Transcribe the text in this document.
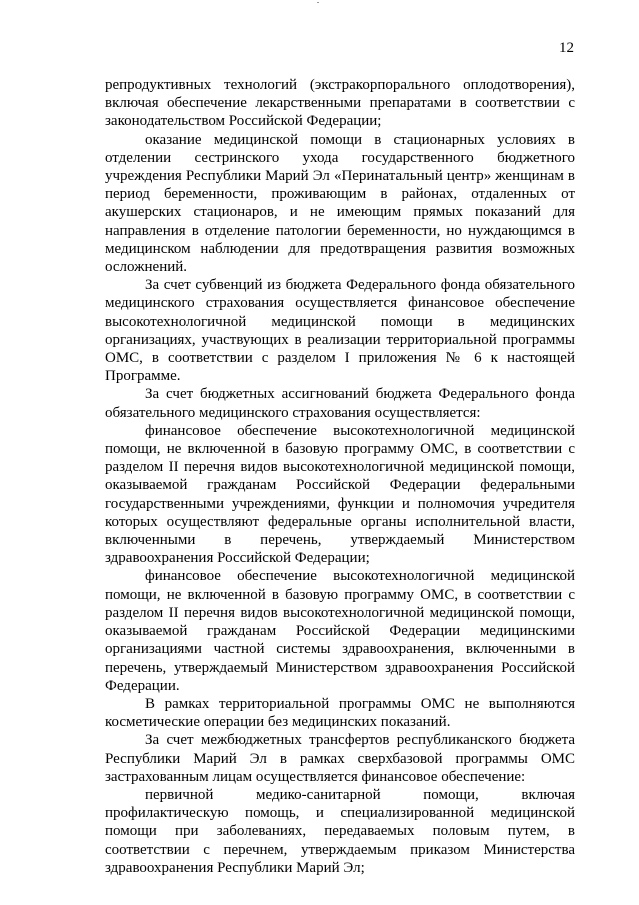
12

репродуктивных технологий (экстракорпорального оплодотворения), включая обеспечение лекарственными препаратами в соответствии с законодательством Российской Федерации;

оказание медицинской помощи в стационарных условиях в отделении сестринского ухода государственного бюджетного учреждения Республики Марий Эл «Перинатальный центр» женщинам в период беременности, проживающим в районах, отдаленных от акушерских стационаров, и не имеющим прямых показаний для направления в отделение патологии беременности, но нуждающимся в медицинском наблюдении для предотвращения развития возможных осложнений.

За счет субвенций из бюджета Федерального фонда обязательного медицинского страхования осуществляется финансовое обеспечение высокотехнологичной медицинской помощи в медицинских организациях, участвующих в реализации территориальной программы ОМС, в соответствии с разделом I приложения № 6 к настоящей Программе.

За счет бюджетных ассигнований бюджета Федерального фонда обязательного медицинского страхования осуществляется:

финансовое обеспечение высокотехнологичной медицинской помощи, не включенной в базовую программу ОМС, в соответствии с разделом II перечня видов высокотехнологичной медицинской помощи, оказываемой гражданам Российской Федерации федеральными государственными учреждениями, функции и полномочия учредителя которых осуществляют федеральные органы исполнительной власти, включенными в перечень, утверждаемый Министерством здравоохранения Российской Федерации;

финансовое обеспечение высокотехнологичной медицинской помощи, не включенной в базовую программу ОМС, в соответствии с разделом II перечня видов высокотехнологичной медицинской помощи, оказываемой гражданам Российской Федерации медицинскими организациями частной системы здравоохранения, включенными в перечень, утверждаемый Министерством здравоохранения Российской Федерации.

В рамках территориальной программы ОМС не выполняются косметические операции без медицинских показаний.

За счет межбюджетных трансфертов республиканского бюджета Республики Марий Эл в рамках сверхбазовой программы ОМС застрахованным лицам осуществляется финансовое обеспечение:

первичной медико-санитарной помощи, включая профилактическую помощь, и специализированной медицинской помощи при заболеваниях, передаваемых половым путем, в соответствии с перечнем, утверждаемым приказом Министерства здравоохранения Республики Марий Эл;
